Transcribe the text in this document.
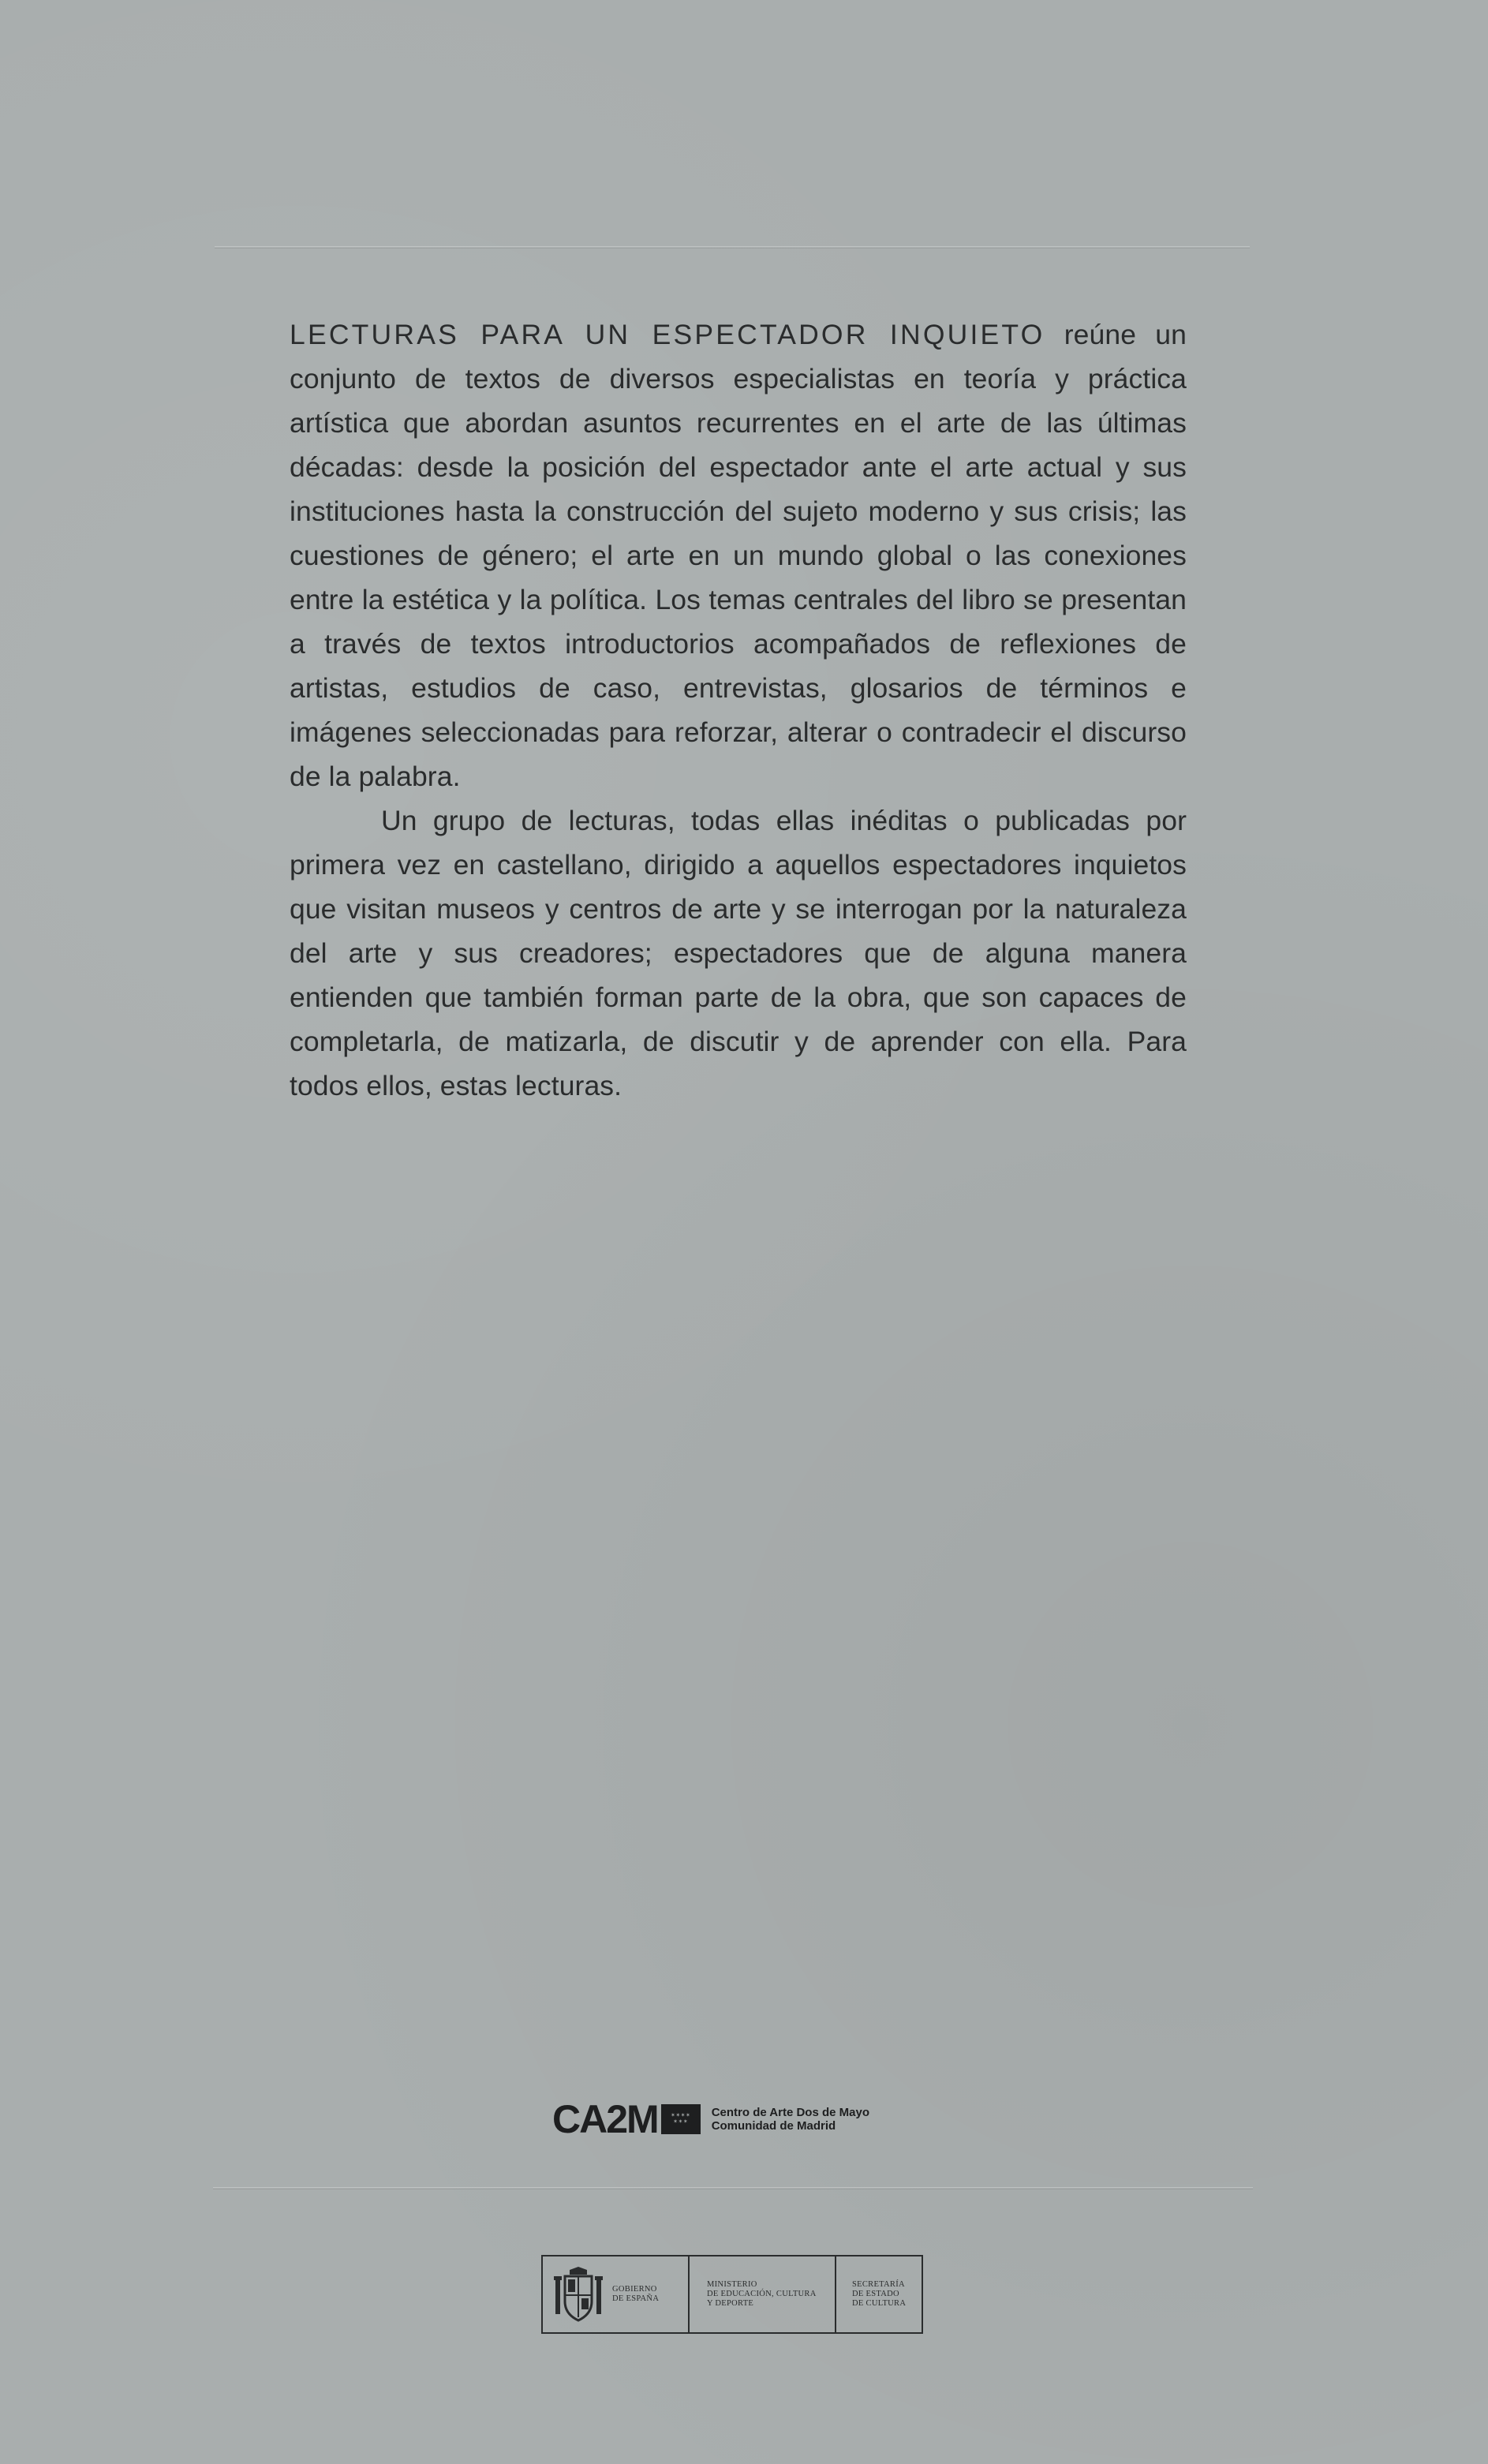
LECTURAS PARA UN ESPECTADOR INQUIETO reúne un conjunto de textos de diversos especialistas en teoría y práctica artística que abordan asuntos recurrentes en el arte de las últimas décadas: desde la posición del espectador ante el arte actual y sus instituciones hasta la construcción del sujeto moderno y sus crisis; las cuestiones de género; el arte en un mundo global o las conexiones entre la estética y la política. Los temas centrales del libro se presentan a través de textos introductorios acompañados de reflexiones de artistas, estudios de caso, entrevistas, glosarios de términos e imágenes seleccionadas para reforzar, alterar o contradecir el discurso de la palabra.

Un grupo de lecturas, todas ellas inéditas o publicadas por primera vez en castellano, dirigido a aquellos espectadores inquietos que visitan museos y centros de arte y se interrogan por la naturaleza del arte y sus creadores; espectadores que de alguna manera entienden que también forman parte de la obra, que son capaces de completarla, de matizarla, de discutir y de aprender con ella. Para todos ellos, estas lecturas.

CA2M ✶✶✶✶
✶✶✶
Centro de Arte Dos de Mayo
Comunidad de Madrid
GOBIERNO
DE ESPAÑA
MINISTERIO
DE EDUCACIÓN, CULTURA
Y DEPORTE
SECRETARÍA
DE ESTADO
DE CULTURA
